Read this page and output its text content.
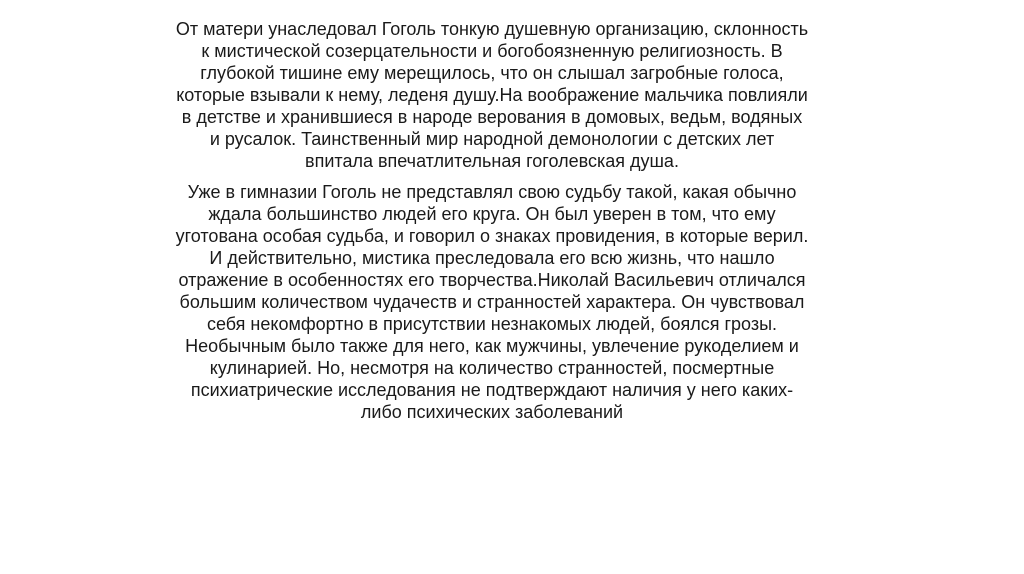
От матери унаследовал Гоголь тонкую душевную организацию, склонность
к мистической созерцательности и богобоязненную религиозность. В
глубокой тишине ему мерещилось, что он слышал загробные голоса,
которые взывали к нему, леденя душу.На воображение мальчика повлияли
в детстве и хранившиеся в народе верования в домовых, ведьм, водяных
и русалок. Таинственный мир народной демонологии с детских лет
впитала впечатлительная гоголевская душа.

Уже в гимназии Гоголь не представлял свою судьбу такой, какая обычно
ждала большинство людей его круга. Он был уверен в том, что ему
уготована особая судьба, и говорил о знаках провидения, в которые верил.
И действительно, мистика преследовала его всю жизнь, что нашло
отражение в особенностях его творчества.Николай Васильевич отличался
большим количеством чудачеств и странностей характера. Он чувствовал
себя некомфортно в присутствии незнакомых людей, боялся грозы.
Необычным было также для него, как мужчины, увлечение рукоделием и
кулинарией. Но, несмотря на количество странностей, посмертные
психиатрические исследования не подтверждают наличия у него каких-
либо психических заболеваний
